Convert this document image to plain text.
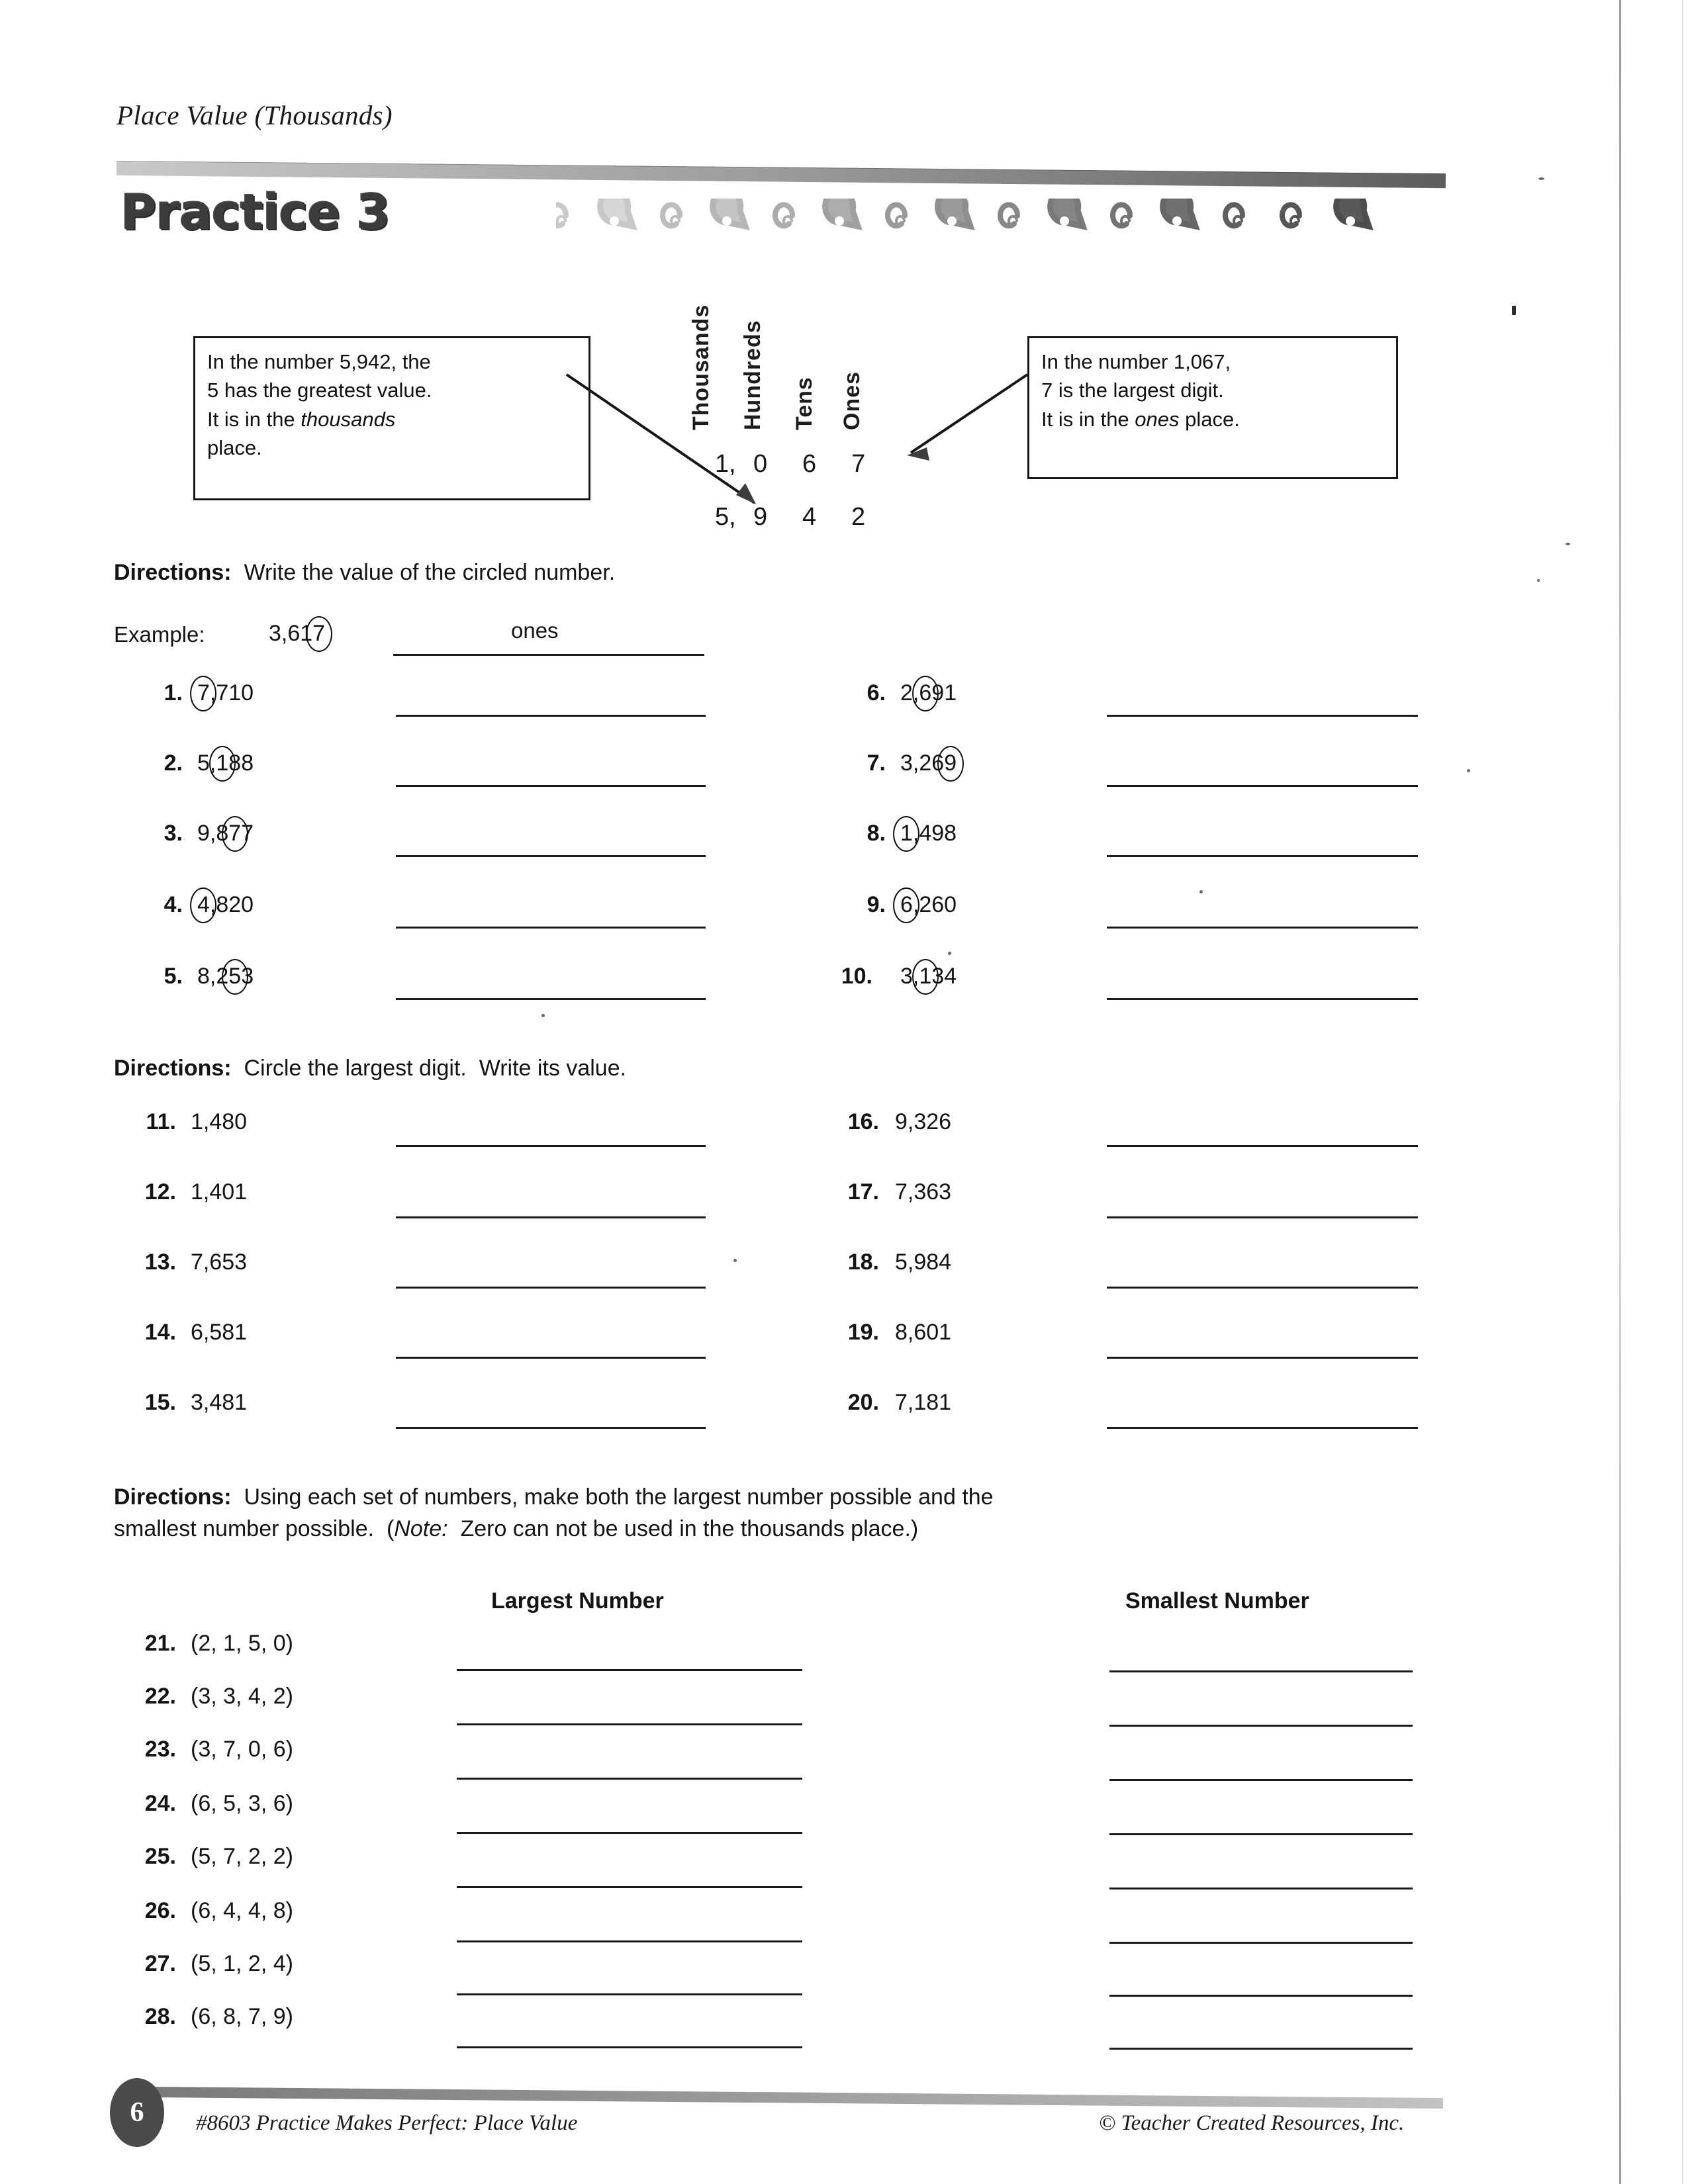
Place Value (Thousands)
Practice 3
In the number 5,942, the
5 has the greatest value.
It is in the thousands
place.
In the number 1,067,
7 is the largest digit.
It is in the ones place.
Thousands Hundreds Tens Ones
1, 0 6 7
5, 9 4 2
Directions:  Write the value of the circled number.
Example:	3,617	ones
1. 7,710
2. 5,188
3. 9,877
4. 4,820
5. 8,253
6. 2,691
7. 3,269
8. 1,498
9. 6,260
10. 3,134
Directions:  Circle the largest digit.  Write its value.
11. 1,480
12. 1,401
13. 7,653
14. 6,581
15. 3,481
16. 9,326
17. 7,363
18. 5,984
19. 8,601
20. 7,181
Directions:  Using each set of numbers, make both the largest number possible and the
smallest number possible.  (Note:  Zero can not be used in the thousands place.)
Largest Number	Smallest Number
21. (2, 1, 5, 0)
22. (3, 3, 4, 2)
23. (3, 7, 0, 6)
24. (6, 5, 3, 6)
25. (5, 7, 2, 2)
26. (6, 4, 4, 8)
27. (5, 1, 2, 4)
28. (6, 8, 7, 9)
6	#8603 Practice Makes Perfect: Place Value	© Teacher Created Resources, Inc.
